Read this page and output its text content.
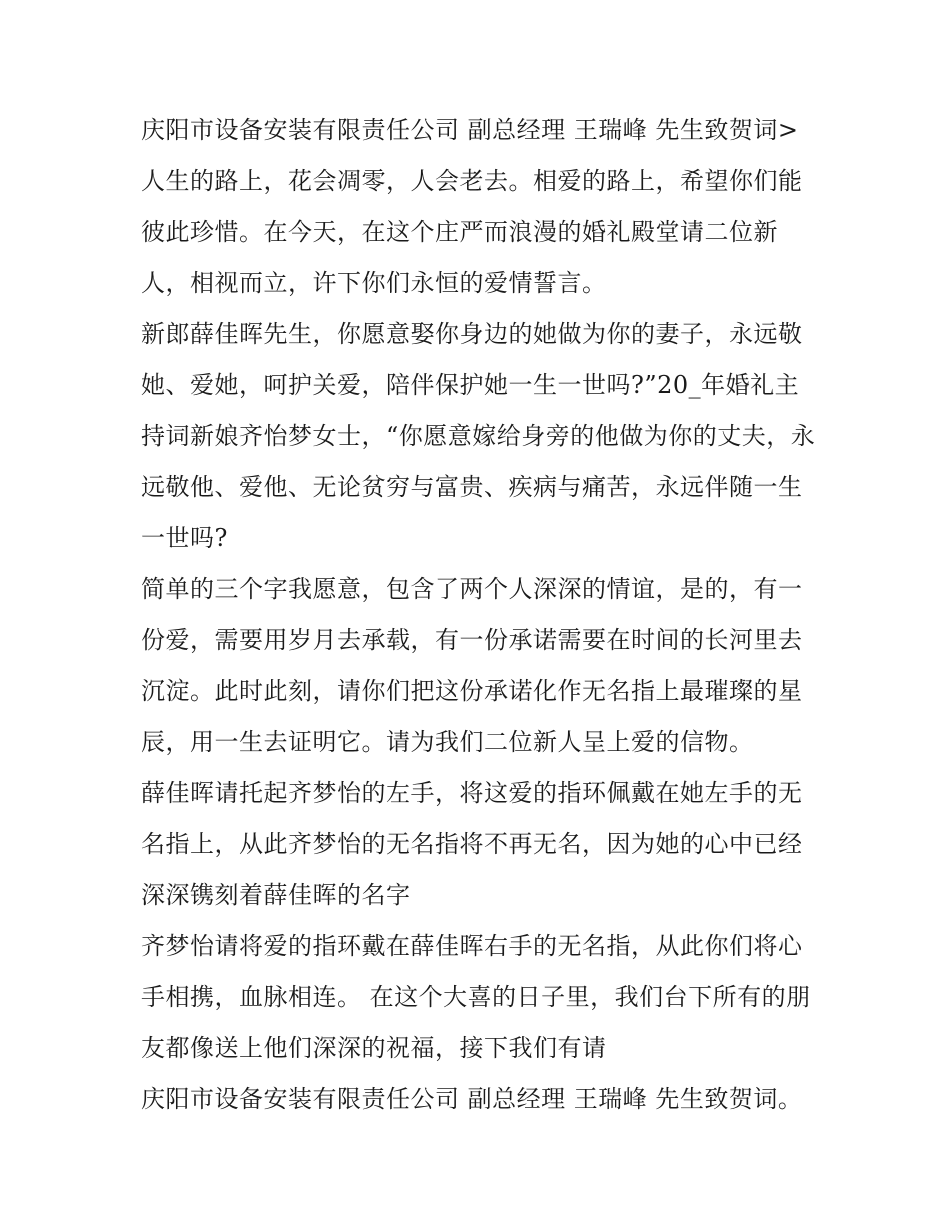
庆阳市设备安装有限责任公司 副总经理 王瑞峰 先生致贺词>

人生的路上，花会凋零，人会老去。相爱的路上，希望你们能彼此珍惜。在今天，在这个庄严而浪漫的婚礼殿堂请二位新人，相视而立，许下你们永恒的爱情誓言。

新郎薛佳晖先生，你愿意娶你身边的她做为你的妻子，永远敬她、爱她，呵护关爱，陪伴保护她一生一世吗?”20_年婚礼主持词新娘齐怡梦女士，“你愿意嫁给身旁的他做为你的丈夫，永远敬他、爱他、无论贫穷与富贵、疾病与痛苦，永远伴随一生一世吗?

简单的三个字我愿意，包含了两个人深深的情谊，是的，有一份爱，需要用岁月去承载，有一份承诺需要在时间的长河里去沉淀。此时此刻，请你们把这份承诺化作无名指上最璀璨的星辰，用一生去证明它。请为我们二位新人呈上爱的信物。

薛佳晖请托起齐梦怡的左手，将这爱的指环佩戴在她左手的无名指上，从此齐梦怡的无名指将不再无名，因为她的心中已经深深镌刻着薛佳晖的名字

齐梦怡请将爱的指环戴在薛佳晖右手的无名指，从此你们将心手相携，血脉相连。 在这个大喜的日子里，我们台下所有的朋友都像送上他们深深的祝福，接下我们有请

庆阳市设备安装有限责任公司 副总经理 王瑞峰 先生致贺词。
